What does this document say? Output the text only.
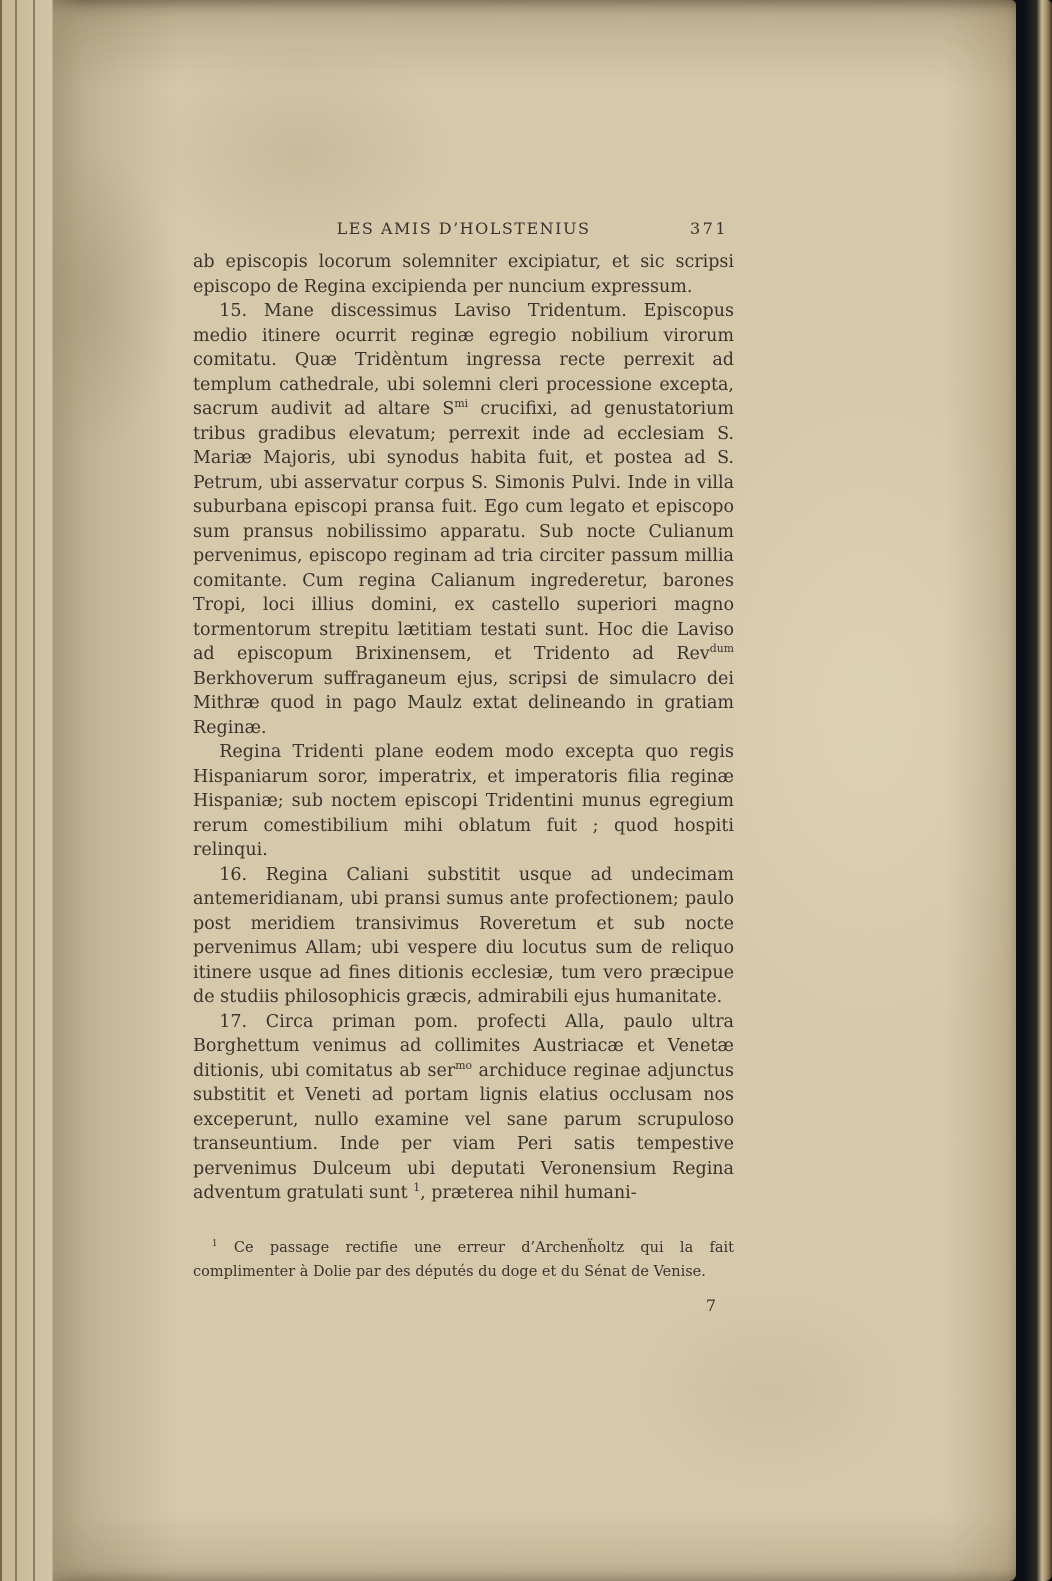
LES AMIS D’HOLSTENIUS	371

ab episcopis locorum solemniter excipiatur, et sic scripsi episcopo de Regina excipienda per nuncium expressum.

15. Mane discessimus Laviso Tridentum. Episcopus medio itinere ocurrit reginæ egregio nobilium virorum comitatu. Quæ Tridèntum ingressa recte perrexit ad templum cathedrale, ubi solemni cleri processione excepta, sacrum audivit ad altare $S^{mi}$ crucifixi, ad genustatorium tribus gradibus elevatum; perrexit inde ad ecclesiam S. Mariæ Majoris, ubi synodus habita fuit, et postea ad S. Petrum, ubi asservatur corpus S. Simonis Pulvi. Inde in villa suburbana episcopi pransa fuit. Ego cum legato et episcopo sum pransus nobilissimo apparatu. Sub nocte Culianum pervenimus, episcopo reginam ad tria circiter passum millia comitante. Cum regina Calianum ingrederetur, barones Tropi, loci illius domini, ex castello superiori magno tormentorum strepitu lætitiam testati sunt. Hoc die Laviso ad episcopum Brixinensem, et Tridento ad Rev$^{dum}$ Berkhoverum suffraganeum ejus, scripsi de simulacro dei Mithræ quod in pago Maulz extat delineando in gratiam Reginæ.

Regina Tridenti plane eodem modo excepta quo regis Hispaniarum soror, imperatrix, et imperatoris filia reginæ Hispaniæ; sub noctem episcopi Tridentini munus egregium rerum comestibilium mihi oblatum fuit ; quod hospiti relinqui.

16. Regina Caliani substitit usque ad undecimam antemeridianam, ubi pransi sumus ante profectionem; paulo post meridiem transivimus Roveretum et sub nocte pervenimus Allam; ubi vespere diu locutus sum de reliquo itinere usque ad fines ditionis ecclesiæ, tum vero præcipue de studiis philosophicis græcis, admirabili ejus humanitate.

17. Circa priman pom. profecti Alla, paulo ultra Borghettum venimus ad collimites Austriacæ et Venetæ ditionis, ubi comitatus ab ser$^{mo}$ archiduce reginae adjunctus substitit et Veneti ad portam lignis elatius occlusam nos exceperunt, nullo examine vel sane parum scrupuloso transeuntium. Inde per viam Peri satis tempestive pervenimus Dulceum ubi deputati Veronensium Regina adventum gratulati sunt $^1$, præterea nihil humani-

$^1$ Ce passage rectifie une erreur d’Archenḧoltz qui la fait complimenter à Dolie par des députés du doge et du Sénat de Venise.
7
